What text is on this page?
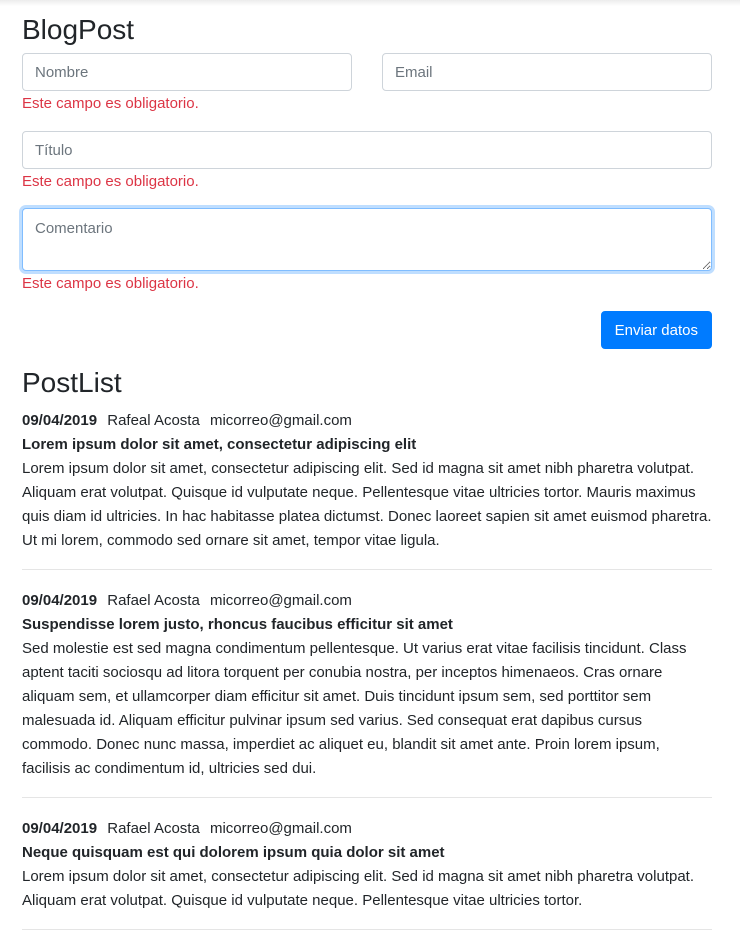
BlogPost
Nombre
Email
Este campo es obligatorio.
Título
Este campo es obligatorio.
Comentario
Este campo es obligatorio.
Enviar datos
PostList

09/04/2019 Rafeal Acosta micorreo@gmail.com

Lorem ipsum dolor sit amet, consectetur adipiscing elit

Lorem ipsum dolor sit amet, consectetur adipiscing elit. Sed id magna sit amet nibh pharetra volutpat. Aliquam erat volutpat. Quisque id vulputate neque. Pellentesque vitae ultricies tortor. Mauris maximus quis diam id ultricies. In hac habitasse platea dictumst. Donec laoreet sapien sit amet euismod pharetra. Ut mi lorem, commodo sed ornare sit amet, tempor vitae ligula.

09/04/2019 Rafael Acosta micorreo@gmail.com

Suspendisse lorem justo, rhoncus faucibus efficitur sit amet

Sed molestie est sed magna condimentum pellentesque. Ut varius erat vitae facilisis tincidunt. Class aptent taciti sociosqu ad litora torquent per conubia nostra, per inceptos himenaeos. Cras ornare aliquam sem, et ullamcorper diam efficitur sit amet. Duis tincidunt ipsum sem, sed porttitor sem malesuada id. Aliquam efficitur pulvinar ipsum sed varius. Sed consequat erat dapibus cursus commodo. Donec nunc massa, imperdiet ac aliquet eu, blandit sit amet ante. Proin lorem ipsum, facilisis ac condimentum id, ultricies sed dui.

09/04/2019 Rafael Acosta micorreo@gmail.com

Neque quisquam est qui dolorem ipsum quia dolor sit amet

Lorem ipsum dolor sit amet, consectetur adipiscing elit. Sed id magna sit amet nibh pharetra volutpat. Aliquam erat volutpat. Quisque id vulputate neque. Pellentesque vitae ultricies tortor.
